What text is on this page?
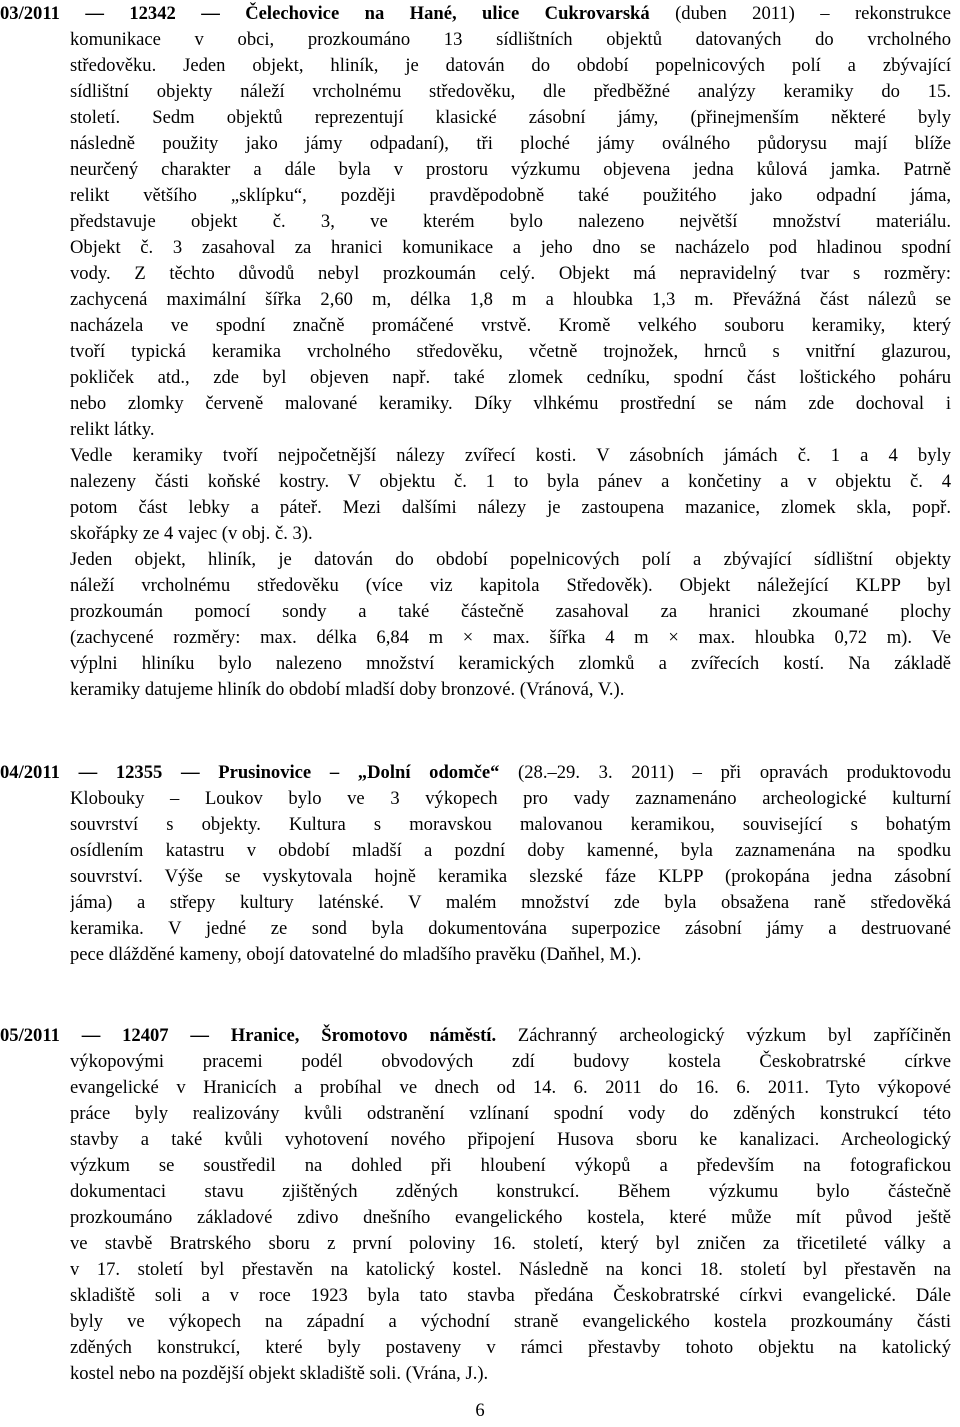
03/2011 — 12342 — Čelechovice na Hané, ulice Cukrovarská (duben 2011) – rekonstrukce
komunikace v obci, prozkoumáno 13 sídlištních objektů datovaných do vrcholného
středověku. Jeden objekt, hliník, je datován do období popelnicových polí a zbývající
sídlištní objekty náleží vrcholnému středověku, dle předběžné analýzy keramiky do 15.
století. Sedm objektů reprezentují klasické zásobní jámy, (přinejmenším některé byly
následně použity jako jámy odpadaní), tři ploché jámy oválného půdorysu mají blíže
neurčený charakter a dále byla v prostoru výzkumu objevena jedna kůlová jamka. Patrně
relikt většího „sklípku“, později pravděpodobně také použitého jako odpadní jáma,
představuje objekt č. 3, ve kterém bylo nalezeno největší množství materiálu.
Objekt č. 3 zasahoval za hranici komunikace a jeho dno se nacházelo pod hladinou spodní
vody. Z těchto důvodů nebyl prozkoumán celý. Objekt má nepravidelný tvar s rozměry:
zachycená maximální šířka 2,60 m, délka 1,8 m a hloubka 1,3 m. Převážná část nálezů se
nacházela ve spodní značně promáčené vrstvě. Kromě velkého souboru keramiky, který
tvoří typická keramika vrcholného středověku, včetně trojnožek, hrnců s vnitřní glazurou,
pokliček atd., zde byl objeven např. také zlomek cedníku, spodní část loštického poháru
nebo zlomky červeně malované keramiky. Díky vlhkému prostřední se nám zde dochoval i
relikt látky.
Vedle keramiky tvoří nejpočetnější nálezy zvířecí kosti. V zásobních jámách č. 1 a 4 byly
nalezeny části koňské kostry. V objektu č. 1 to byla pánev a končetiny a v objektu č. 4
potom část lebky a páteř. Mezi dalšími nálezy je zastoupena mazanice, zlomek skla, popř.
skořápky ze 4 vajec (v obj. č. 3).
Jeden objekt, hliník, je datován do období popelnicových polí a zbývající sídlištní objekty
náleží vrcholnému středověku (více viz kapitola Středověk). Objekt náležející KLPP byl
prozkoumán pomocí sondy a také částečně zasahoval za hranici zkoumané plochy
(zachycené rozměry: max. délka 6,84 m × max. šířka 4 m × max. hloubka 0,72 m). Ve
výplni hliníku bylo nalezeno množství keramických zlomků a zvířecích kostí. Na základě
keramiky datujeme hliník do období mladší doby bronzové. (Vránová, V.).
04/2011 — 12355 — Prusinovice – „Dolní odomče“ (28.–29. 3. 2011) – při opravách produktovodu
Klobouky – Loukov bylo ve 3 výkopech pro vady zaznamenáno archeologické kulturní
souvrství s objekty. Kultura s moravskou malovanou keramikou, související s bohatým
osídlením katastru v období mladší a pozdní doby kamenné, byla zaznamenána na spodku
souvrství. Výše se vyskytovala hojně keramika slezské fáze KLPP (prokopána jedna zásobní
jáma) a střepy kultury laténské. V malém množství zde byla obsažena raně středověká
keramika. V jedné ze sond byla dokumentována superpozice zásobní jámy a destruované
pece dlážděné kameny, obojí datovatelné do mladšího pravěku (Daňhel, M.).
05/2011 — 12407 — Hranice, Šromotovo náměstí. Záchranný archeologický výzkum byl zapříčiněn
výkopovými pracemi podél obvodových zdí budovy kostela Českobratrské církve
evangelické v Hranicích a probíhal ve dnech od 14. 6. 2011 do 16. 6. 2011. Tyto výkopové
práce byly realizovány kvůli odstranění vzlínaní spodní vody do zděných konstrukcí této
stavby a také kvůli vyhotovení nového připojení Husova sboru ke kanalizaci. Archeologický
výzkum se soustředil na dohled při hloubení výkopů a především na fotografickou
dokumentaci stavu zjištěných zděných konstrukcí. Během výzkumu bylo částečně
prozkoumáno základové zdivo dnešního evangelického kostela, které může mít původ ještě
ve stavbě Bratrského sboru z první poloviny 16. století, který byl zničen za třicetileté války a
v 17. století byl přestavěn na katolický kostel. Následně na konci 18. století byl přestavěn na
skladiště soli a v roce 1923 byla tato stavba předána Českobratrské církvi evangelické. Dále
byly ve výkopech na západní a východní straně evangelického kostela prozkoumány části
zděných konstrukcí, které byly postaveny v rámci přestavby tohoto objektu na katolický
kostel nebo na pozdější objekt skladiště soli. (Vrána, J.).
6
